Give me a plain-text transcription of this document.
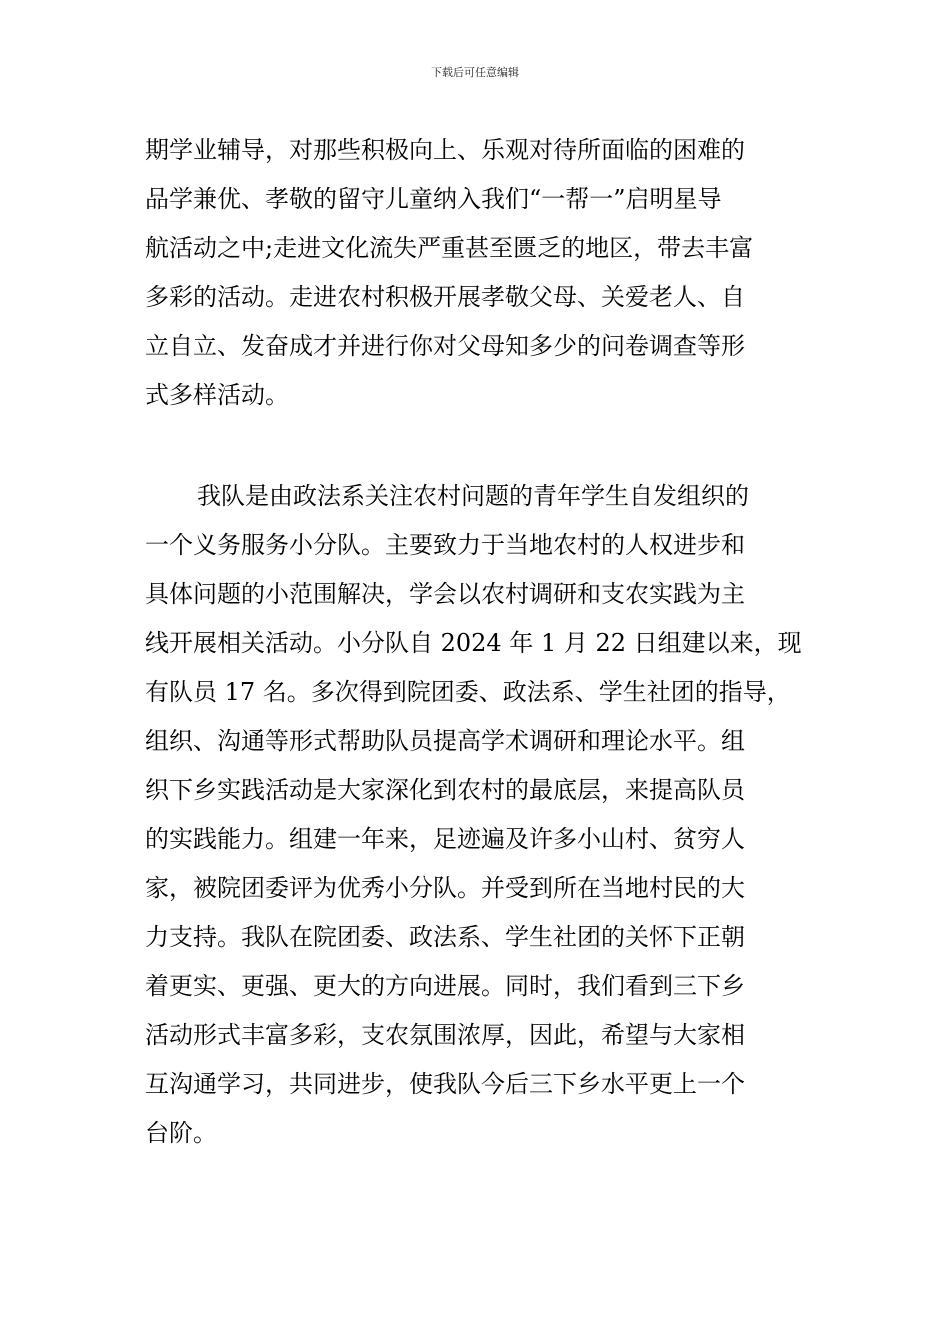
下载后可任意编辑

期学业辅导，对那些积极向上、乐观对待所面临的困难的
品学兼优、孝敬的留守儿童纳入我们“一帮一”启明星导
航活动之中;走进文化流失严重甚至匮乏的地区，带去丰富
多彩的活动。走进农村积极开展孝敬父母、关爱老人、自
立自立、发奋成才并进行你对父母知多少的问卷调查等形
式多样活动。
我队是由政法系关注农村问题的青年学生自发组织的
一个义务服务小分队。主要致力于当地农村的人权进步和
具体问题的小范围解决，学会以农村调研和支农实践为主
线开展相关活动。小分队自 2024 年 1 月 22 日组建以来，现
有队员 17 名。多次得到院团委、政法系、学生社团的指导，
组织、沟通等形式帮助队员提高学术调研和理论水平。组
织下乡实践活动是大家深化到农村的最底层，来提高队员
的实践能力。组建一年来，足迹遍及许多小山村、贫穷人
家，被院团委评为优秀小分队。并受到所在当地村民的大
力支持。我队在院团委、政法系、学生社团的关怀下正朝
着更实、更强、更大的方向进展。同时，我们看到三下乡
活动形式丰富多彩，支农氛围浓厚，因此，希望与大家相
互沟通学习，共同进步，使我队今后三下乡水平更上一个
台阶。
